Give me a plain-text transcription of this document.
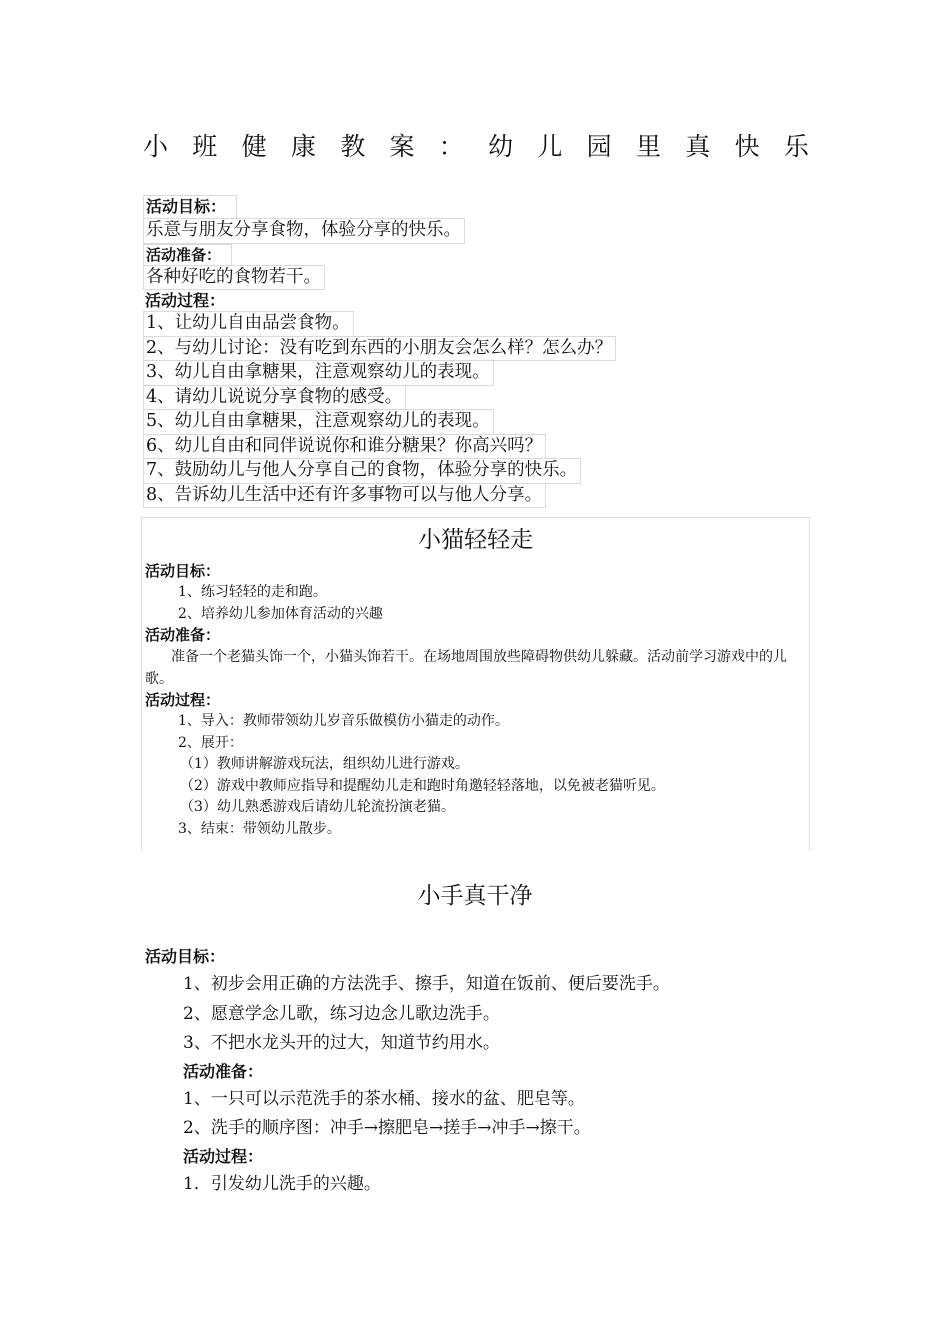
小 班 健 康 教 案 ： 幼 儿 园 里 真 快 乐
活动目标：
乐意与朋友分享食物，体验分享的快乐。
活动准备：
各种好吃的食物若干。
活动过程：
1、让幼儿自由品尝食物。
2、与幼儿讨论：没有吃到东西的小朋友会怎么样？怎么办？
3、幼儿自由拿糖果，注意观察幼儿的表现。
4、请幼儿说说分享食物的感受。
5、幼儿自由拿糖果，注意观察幼儿的表现。
6、幼儿自由和同伴说说你和谁分糖果？你高兴吗？
7、鼓励幼儿与他人分享自己的食物，体验分享的快乐。
8、告诉幼儿生活中还有许多事物可以与他人分享。
小猫轻轻走
活动目标：
1、练习轻轻的走和跑。
2、培养幼儿参加体育活动的兴趣
活动准备：

准备一个老猫头饰一个，小猫头饰若干。在场地周围放些障碍物供幼儿躲藏。活动前学习游戏中的儿歌。

活动过程：
1、导入：教师带领幼儿岁音乐做模仿小猫走的动作。
2、展开：
（1）教师讲解游戏玩法，组织幼儿进行游戏。
（2）游戏中教师应指导和提醒幼儿走和跑时角邀轻轻落地，以免被老猫听见。
（3）幼儿熟悉游戏后请幼儿轮流扮演老猫。
3、结束：带领幼儿散步。
小手真干净
活动目标：
1、初步会用正确的方法洗手、擦手，知道在饭前、便后要洗手。
2、愿意学念儿歌，练习边念儿歌边洗手。
3、不把水龙头开的过大，知道节约用水。
活动准备：
1、一只可以示范洗手的茶水桶、接水的盆、肥皂等。
2、洗手的顺序图：冲手→擦肥皂→搓手→冲手→擦干。
活动过程：
1．引发幼儿洗手的兴趣。
